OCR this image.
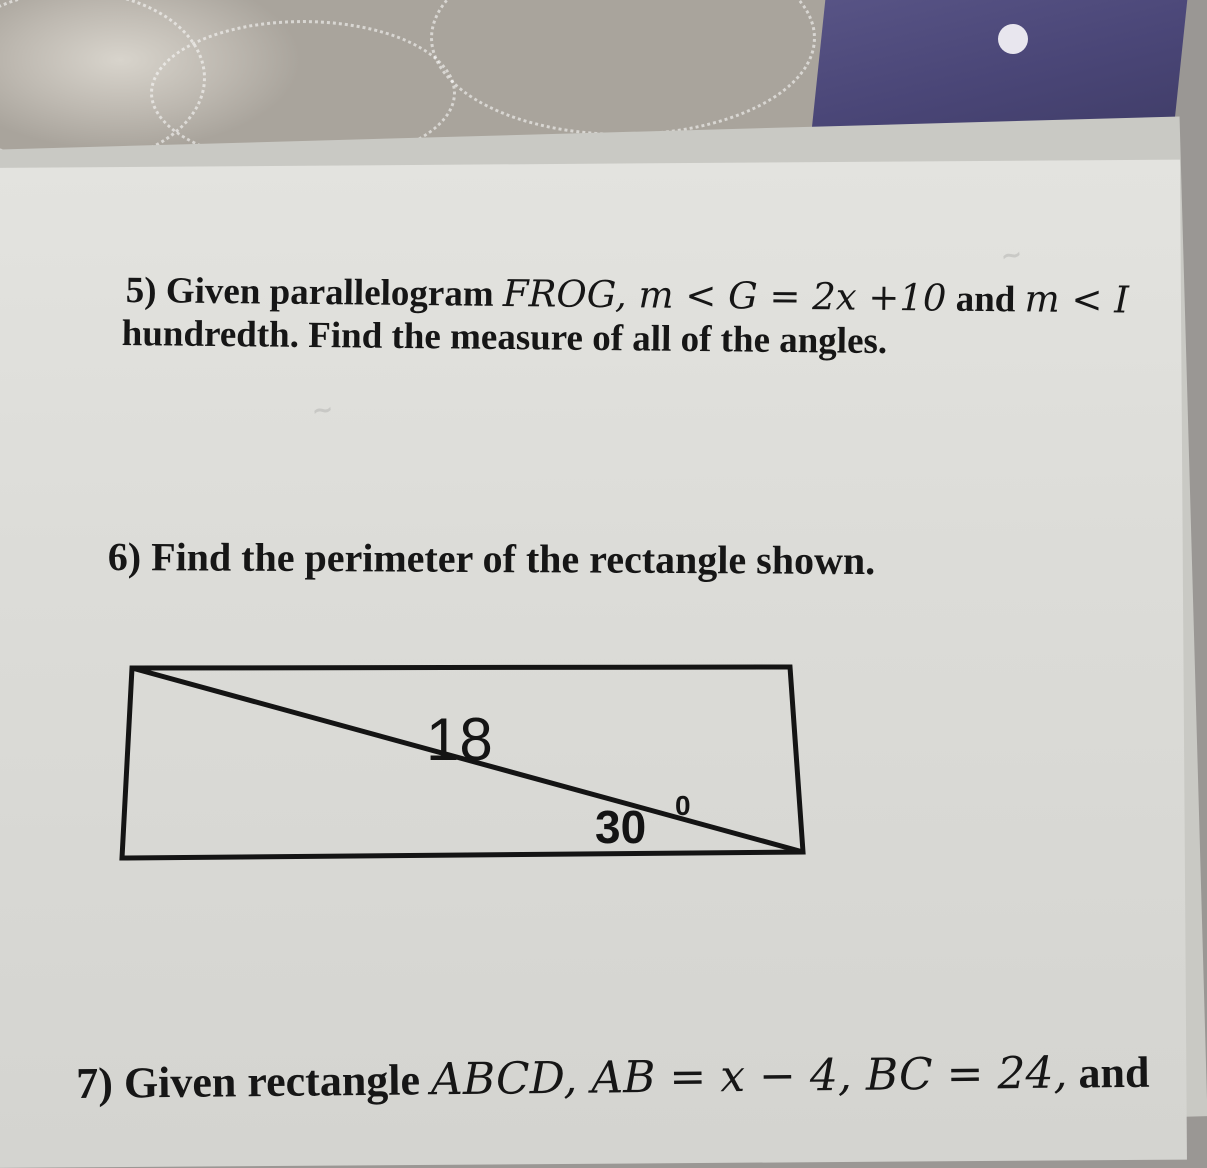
~
~
5) Given parallelogram FROG, m < G = 2x +10 and m < I
hundredth. Find the measure of all of the angles.
6) Find the perimeter of the rectangle shown.
18
30 0
7) Given rectangle ABCD, AB = x − 4, BC = 24, and
